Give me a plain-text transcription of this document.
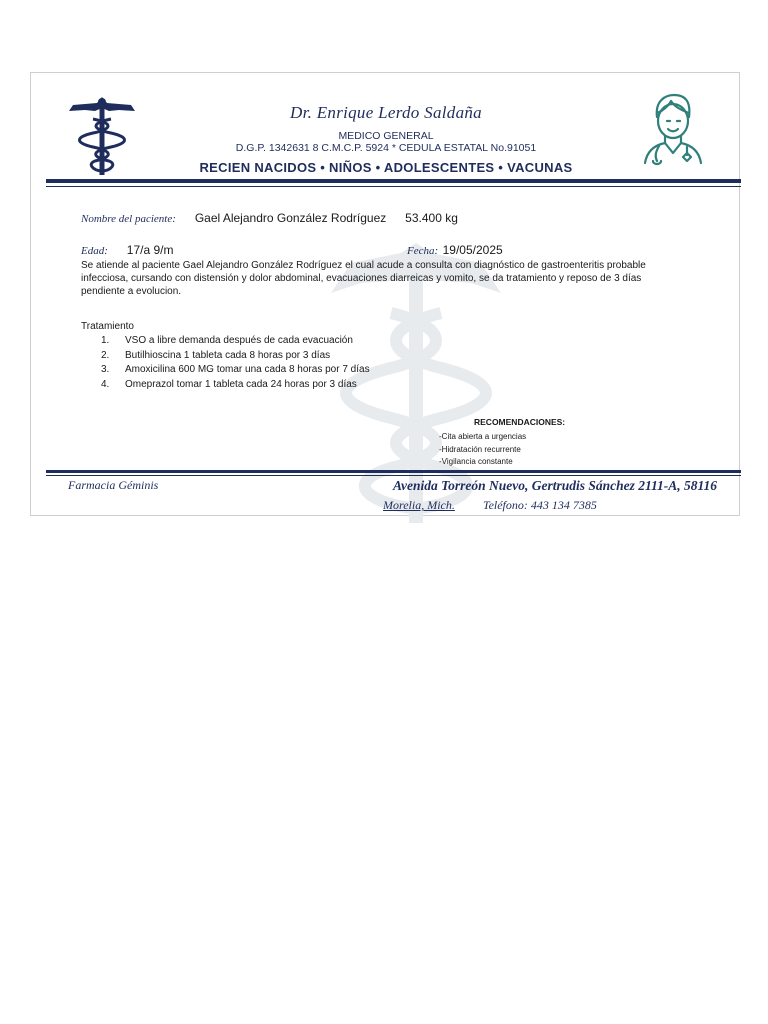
Dr. Enrique Lerdo Saldaña
MEDICO GENERAL
D.G.P. 1342631 8 C.M.C.P. 5924 * CEDULA ESTATAL No.91051
RECIEN NACIDOS • NIÑOS • ADOLESCENTES • VACUNAS
Nombre del paciente: Gael Alejandro González Rodríguez 53.400 kg
Edad: 17/a 9/m	Fecha: 19/05/2025
Se atiende al paciente Gael Alejandro González Rodríguez el cual acude a consulta con diagnóstico de gastroenteritis probable infecciosa, cursando con distensión y dolor abdominal, evacuaciones diarreicas y vomito, se da tratamiento y reposo de 3 días pendiente a evolucion.
Tratamiento
1.	VSO a libre demanda después de cada evacuación
2.	Butilhioscina 1 tableta cada 8 horas por 3 días
3.	Amoxicilina 600 MG tomar una cada 8 horas por 7 días
4.	Omeprazol tomar 1 tableta cada 24 horas por 3 días
RECOMENDACIONES:
-Cita abierta a urgencias
-Hidratación recurrente
-Vigilancia constante
Farmacia Géminis	Avenida Torreón Nuevo, Gertrudis Sánchez 2111-A, 58116
Morelia, Mich. Teléfono: 443 134 7385
